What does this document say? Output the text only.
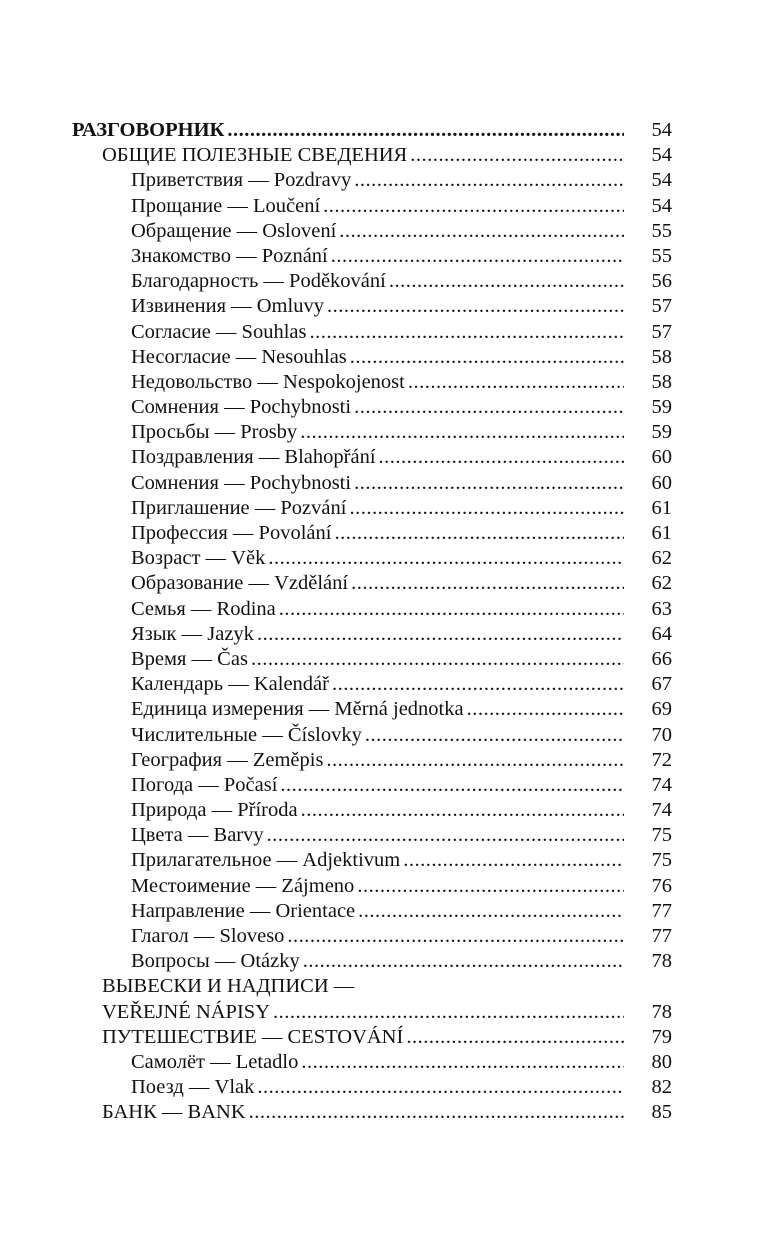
РАЗГОВОРНИК .....	54
ОБЩИЕ ПОЛЕЗНЫЕ СВЕДЕНИЯ .....	54
Приветствия — Pozdravy .....	54
Прощание — Loučení .....	54
Обращение — Oslovení .....	55
Знакомство — Poznání .....	55
Благодарность — Poděkování .....	56
Извинения — Omluvy .....	57
Согласие — Souhlas .....	57
Несогласие — Nesouhlas .....	58
Недовольство — Nespokojenost .....	58
Сомнения — Pochybnosti .....	59
Просьбы — Prosby .....	59
Поздравления — Blahopřání .....	60
Сомнения — Pochybnosti .....	60
Приглашение — Pozvání .....	61
Профессия — Povolání .....	61
Возраст — Věk .....	62
Образование — Vzdělání .....	62
Семья — Rodina .....	63
Язык — Jazyk .....	64
Время — Čas .....	66
Календарь — Kalendář .....	67
Единица измерения — Měrná jednotka .....	69
Числительные — Číslovky .....	70
География — Zeměpis .....	72
Погода — Počasí .....	74
Природа — Příroda .....	74
Цвета — Barvy .....	75
Прилагательное — Adjektivum .....	75
Местоимение — Zájmeno .....	76
Направление — Orientace .....	77
Глагол — Sloveso .....	77
Вопросы — Otázky .....	78
ВЫВЕСКИ И НАДПИСИ —
VEŘEJNÉ NÁPISY .....	78
ПУТЕШЕСТВИЕ — CESTOVÁNÍ .....	79
Самолёт — Letadlo .....	80
Поезд — Vlak .....	82
БАНК — BANK .....	85
